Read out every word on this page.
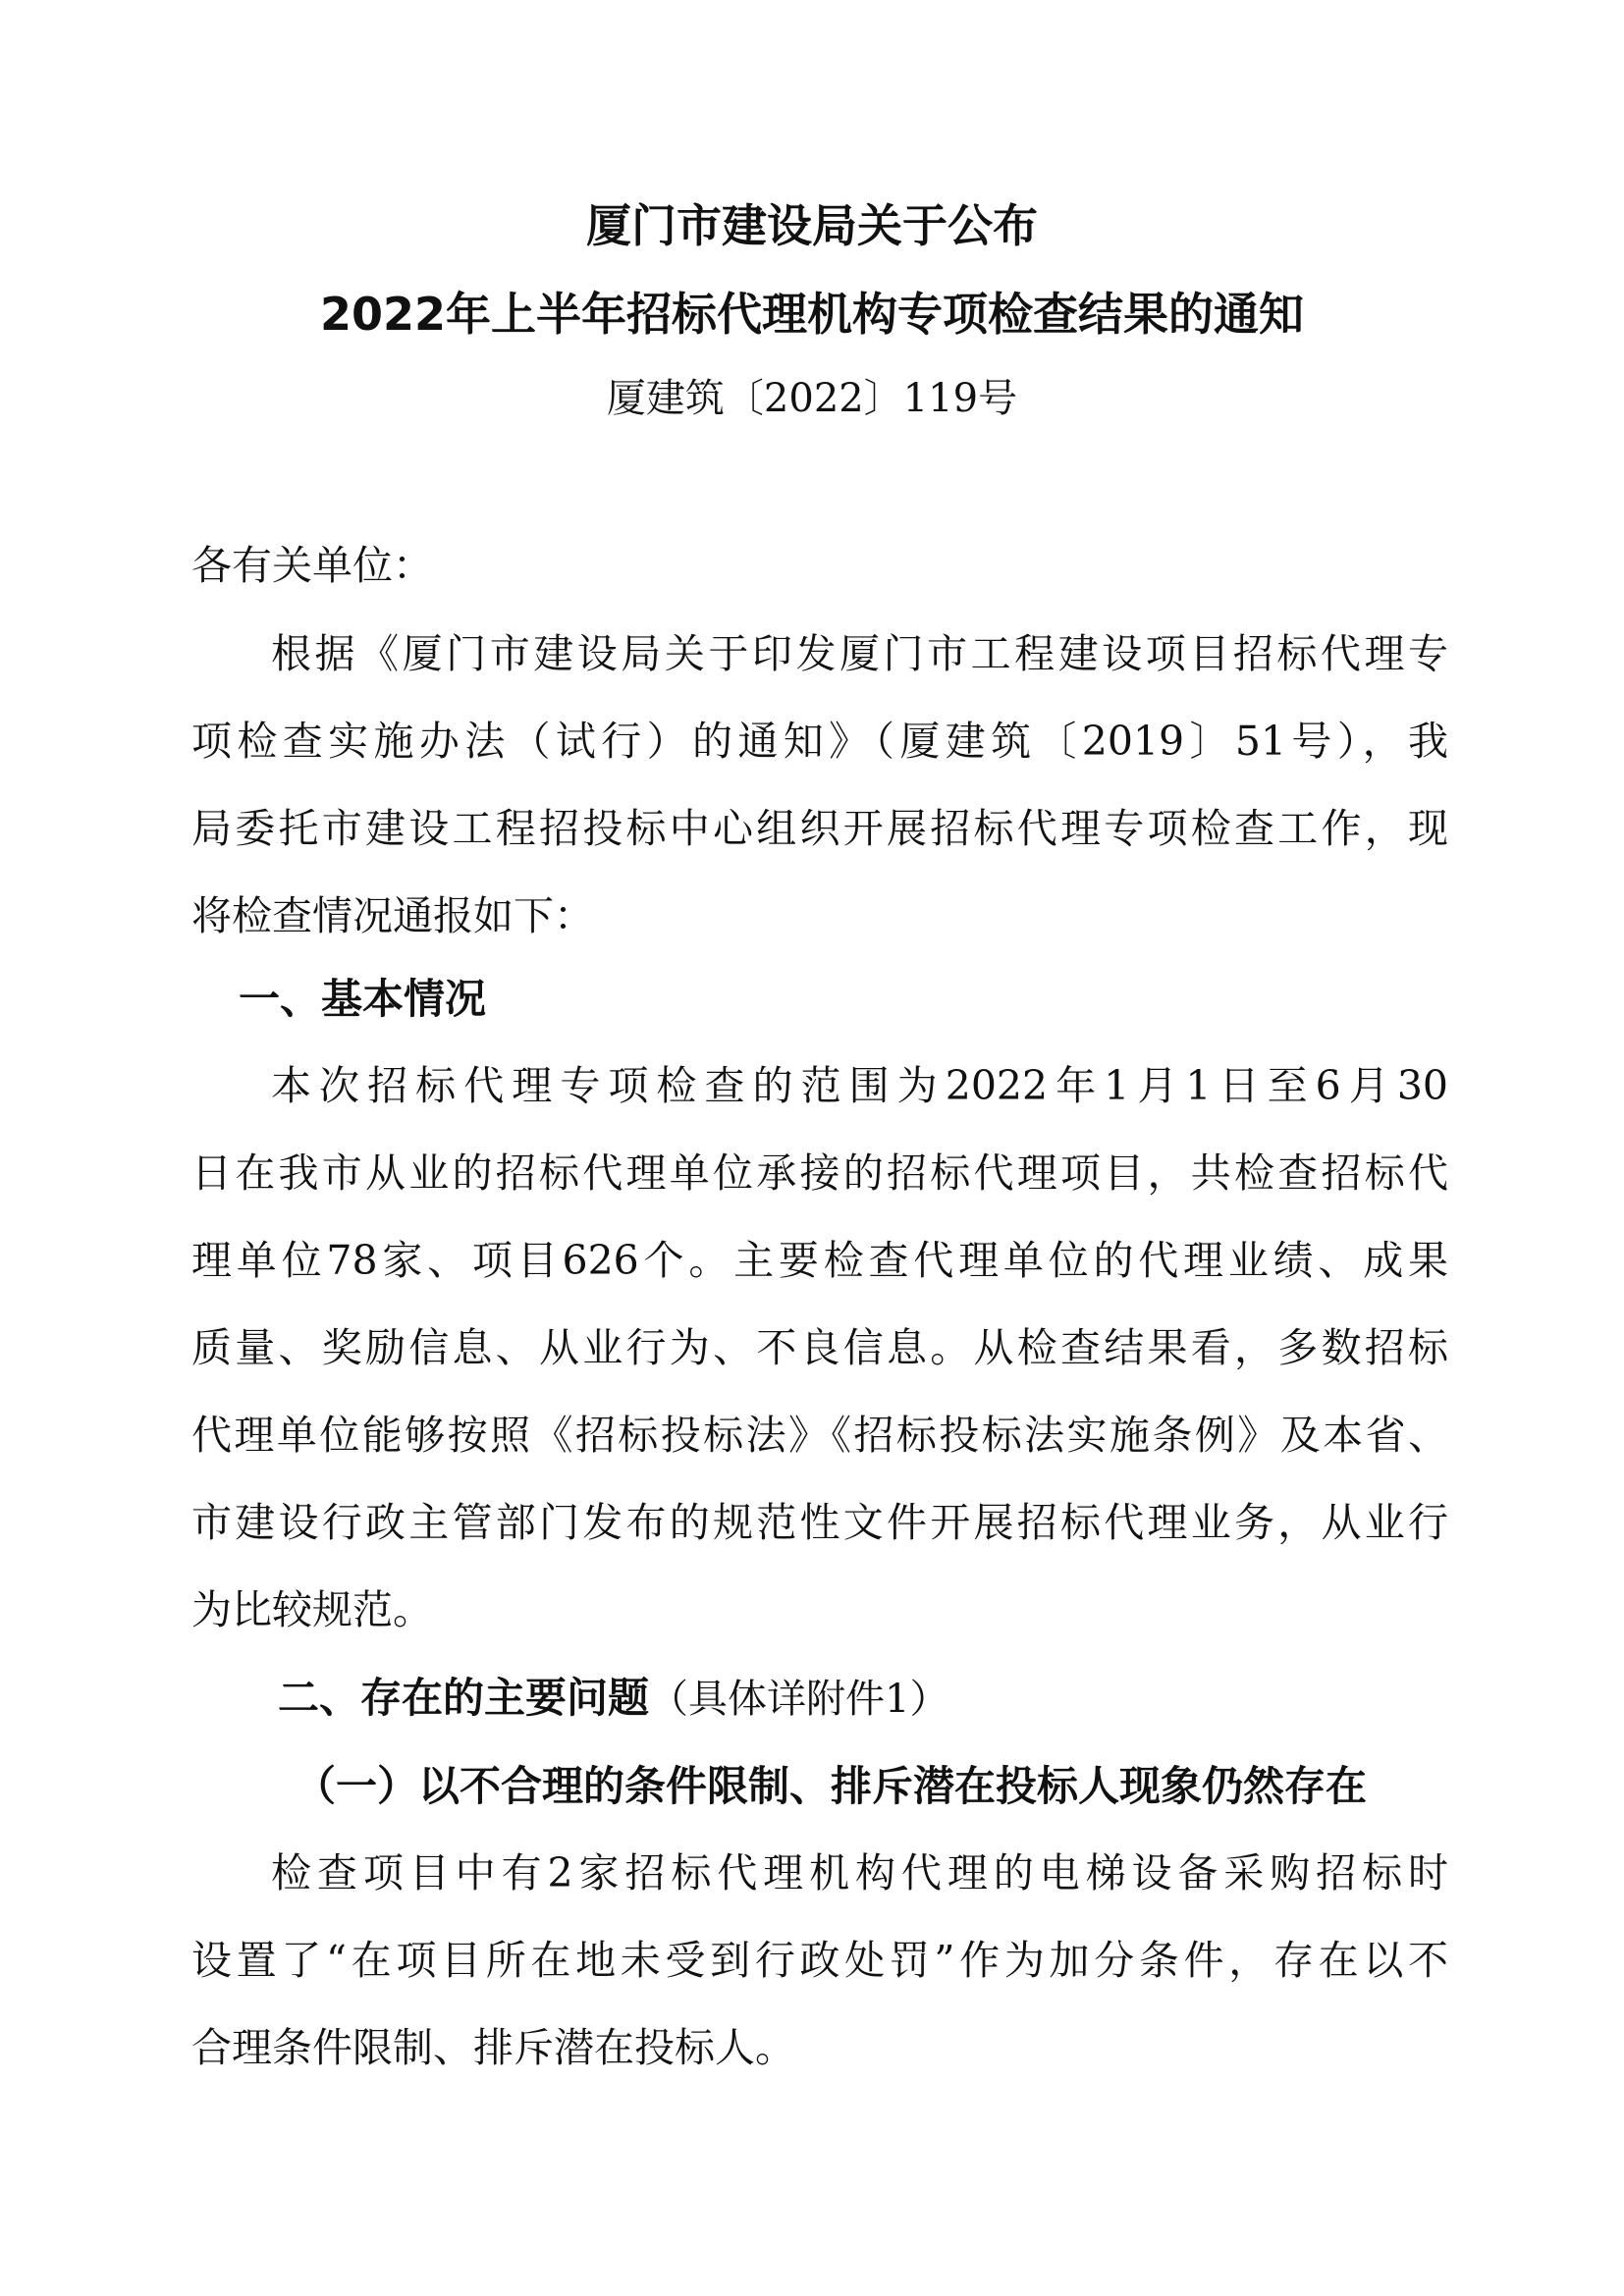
厦门市建设局关于公布
2022年上半年招标代理机构专项检查结果的通知
厦建筑〔2022〕119号
各有关单位：
根据《厦门市建设局关于印发厦门市工程建设项目招标代理专
项检查实施办法（试行）的通知》（厦建筑〔2019〕51号），我
局委托市建设工程招投标中心组织开展招标代理专项检查工作，现
将检查情况通报如下：
一、基本情况
本次招标代理专项检查的范围为2022年1月1日至6月30
日在我市从业的招标代理单位承接的招标代理项目，共检查招标代
理单位78家、项目626个。主要检查代理单位的代理业绩、成果
质量、奖励信息、从业行为、不良信息。从检查结果看，多数招标
代理单位能够按照《招标投标法》《招标投标法实施条例》及本省、
市建设行政主管部门发布的规范性文件开展招标代理业务，从业行
为比较规范。
二、存在的主要问题（具体详附件1）
（一）以不合理的条件限制、排斥潜在投标人现象仍然存在
检查项目中有2家招标代理机构代理的电梯设备采购招标时
设置了“在项目所在地未受到行政处罚”作为加分条件，存在以不
合理条件限制、排斥潜在投标人。
